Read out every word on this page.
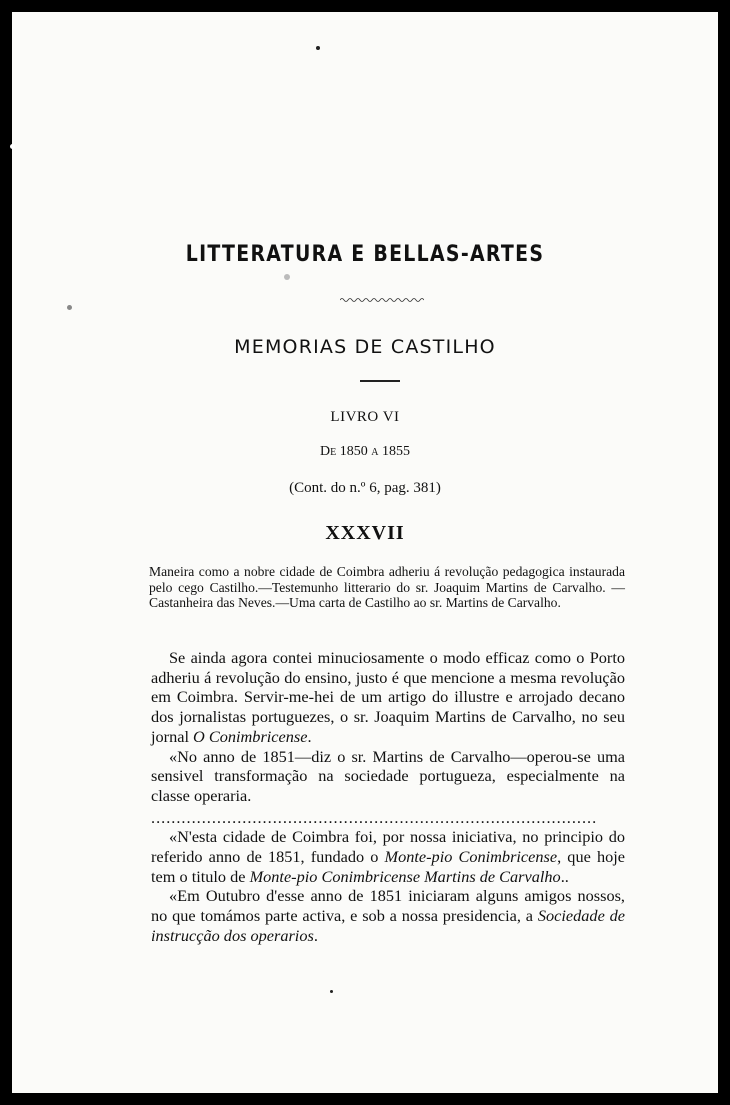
LITTERATURA E BELLAS-ARTES
MEMORIAS DE CASTILHO
LIVRO VI
De 1850 a 1855
(Cont. do n.º 6, pag. 381)
XXXVII

Maneira como a nobre cidade de Coimbra adheriu á revolução pedagogica instaurada pelo cego Castilho.—Testemunho litterario do sr. Joaquim Martins de Carvalho. — Castanheira das Neves.—Uma carta de Castilho ao sr. Martins de Carvalho.

Se ainda agora contei minuciosamente o modo efficaz como o Porto adheriu á revolução do ensino, justo é que mencione a mesma revolução em Coimbra. Servir-me-hei de um artigo do illustre e arrojado decano dos jornalistas portuguezes, o sr. Joaquim Martins de Carvalho, no seu jornal O Conimbricense.

«No anno de 1851—diz o sr. Martins de Carvalho—operou-se uma sensivel transformação na sociedade portugueza, especialmente na classe operaria.

........................................................................................

«N'esta cidade de Coimbra foi, por nossa iniciativa, no principio do referido anno de 1851, fundado o Monte-pio Conimbricense, que hoje tem o titulo de Monte-pio Conimbricense Martins de Carvalho..

«Em Outubro d'esse anno de 1851 iniciaram alguns amigos nossos, no que tomámos parte activa, e sob a nossa presidencia, a Sociedade de instrucção dos operarios.
